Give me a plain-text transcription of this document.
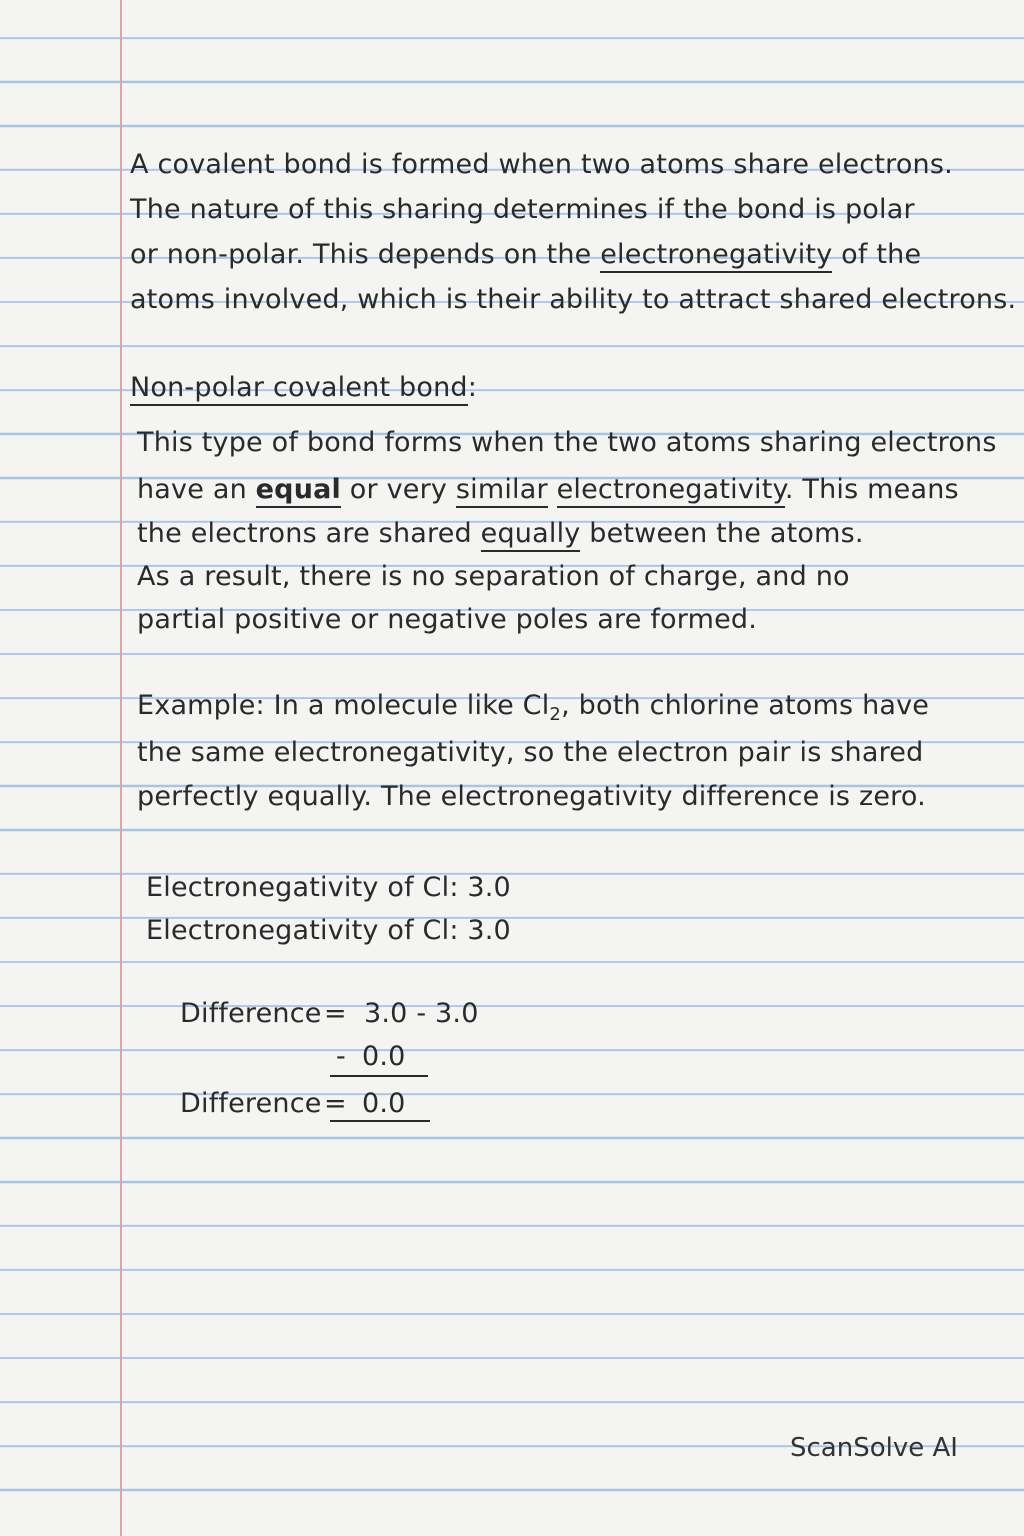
A covalent bond is formed when two atoms share electrons.

The nature of this sharing determines if the bond is polar

or non-polar. This depends on the electronegativity of the

atoms involved, which is their ability to attract shared electrons.

Non-polar covalent bond:

This type of bond forms when the two atoms sharing electrons

have an equal or very similar electronegativity. This means

the electrons are shared equally between the atoms.

As a result, there is no separation of charge, and no

partial positive or negative poles are formed.

Example: In a molecule like $Cl_2$, both chlorine atoms have

the same electronegativity, so the electron pair is shared

perfectly equally. The electronegativity difference is zero.

Electronegativity of Cl: 3.0

Electronegativity of Cl: 3.0

Difference = 3.0 - 3.0

- 0.0

Difference = 0.0

ScanSolve AI
